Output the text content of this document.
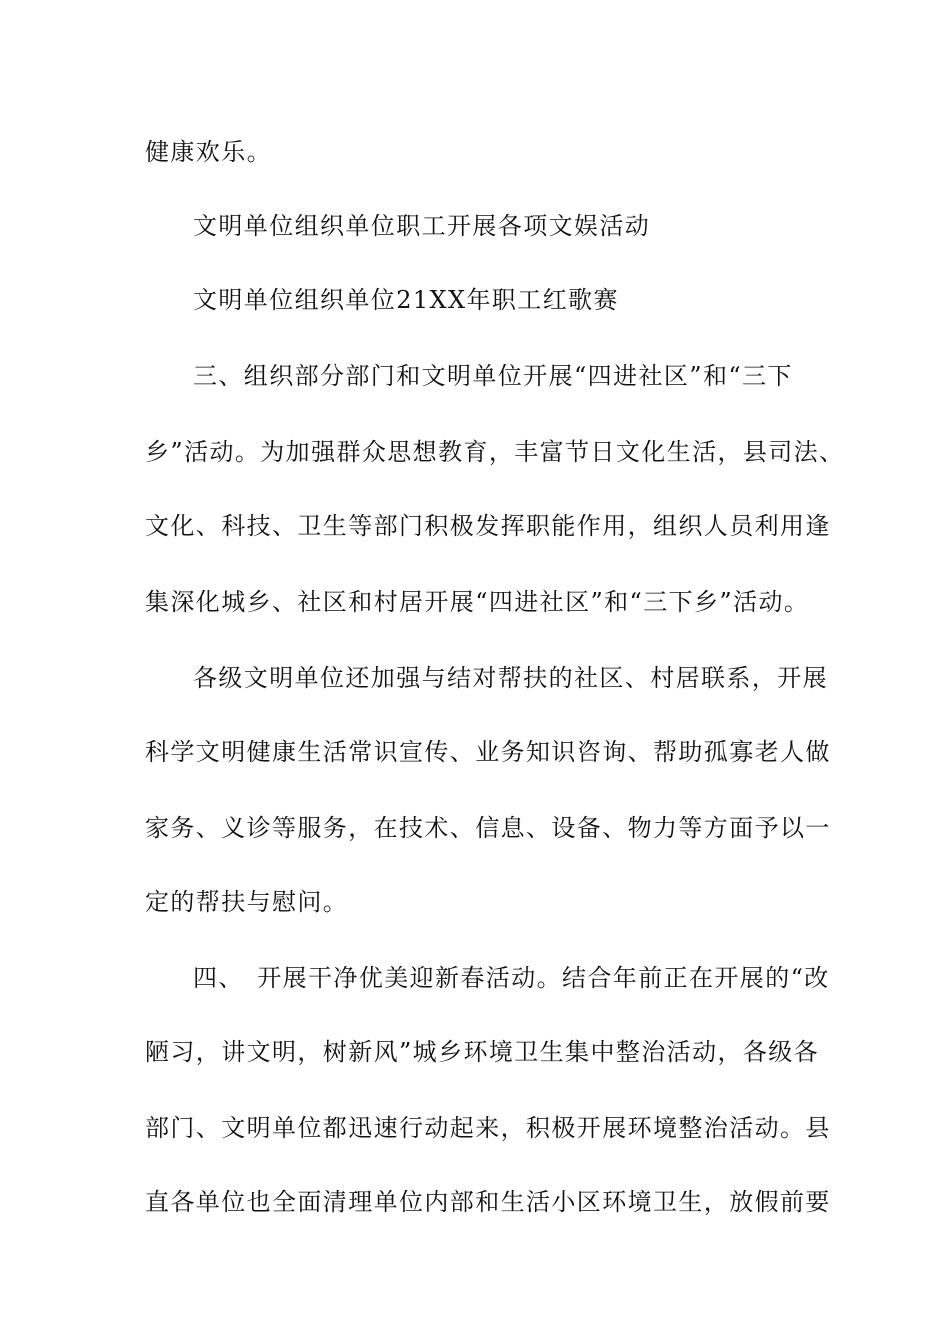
健康欢乐。

文明单位组织单位职工开展各项文娱活动

文明单位组织单位21XX年职工红歌赛

三、组织部分部门和文明单位开展“四进社区”和“三下

乡”活动。为加强群众思想教育，丰富节日文化生活，县司法、

文化、科技、卫生等部门积极发挥职能作用，组织人员利用逢

集深化城乡、社区和村居开展“四进社区”和“三下乡”活动。

各级文明单位还加强与结对帮扶的社区、村居联系，开展

科学文明健康生活常识宣传、业务知识咨询、帮助孤寡老人做

家务、义诊等服务，在技术、信息、设备、物力等方面予以一

定的帮扶与慰问。

四、　开展干净优美迎新春活动。结合年前正在开展的“改

陋习，讲文明，树新风”城乡环境卫生集中整治活动，各级各

部门、文明单位都迅速行动起来，积极开展环境整治活动。县

直各单位也全面清理单位内部和生活小区环境卫生，放假前要
